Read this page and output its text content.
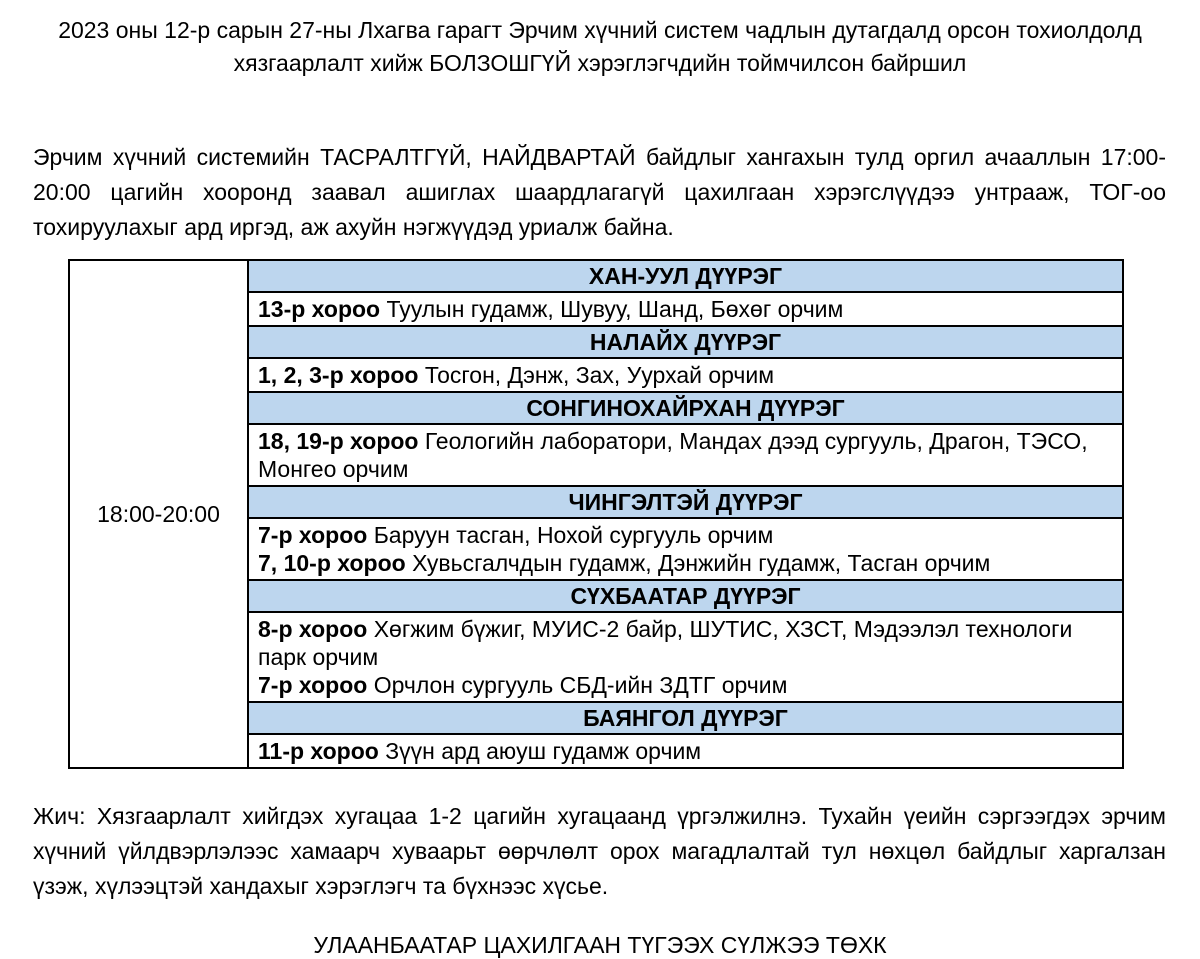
2023 оны 12-р сарын 27-ны Лхагва гарагт Эрчим хүчний систем чадлын дутагдалд орсон тохиолдолд хязгаарлалт хийж БОЛЗОШГҮЙ хэрэглэгчдийн тоймчилсон байршил

Эрчим хүчний системийн ТАСРАЛТГҮЙ, НАЙДВАРТАЙ байдлыг хангахын тулд оргил ачааллын 17:00-20:00 цагийн хооронд заавал ашиглах шаардлагагүй цахилгаан хэрэгслүүдээ унтрааж, ТОГ-оо тохируулахыг ард иргэд, аж ахуйн нэгжүүдэд уриалж байна.

18:00-20:00	ХАН-УУЛ ДҮҮРЭГ

13-р хороо Туулын гудамж, Шувуу, Шанд, Бөхөг орчим

НАЛАЙХ ДҮҮРЭГ

1, 2, 3-р хороо Тосгон, Дэнж, Зах, Уурхай орчим

СОНГИНОХАЙРХАН ДҮҮРЭГ

18, 19-р хороо Геологийн лаборатори, Мандах дээд сургууль, Драгон, ТЭСО, Монгео орчим

ЧИНГЭЛТЭЙ ДҮҮРЭГ

7-р хороо Баруун тасган, Нохой сургууль орчим
7, 10-р хороо Хувьсгалчдын гудамж, Дэнжийн гудамж, Тасган орчим

СҮХБААТАР ДҮҮРЭГ

8-р хороо Хөгжим бүжиг, МУИС-2 байр, ШУТИС, ХЗСТ, Мэдээлэл технологи парк орчим
7-р хороо Орчлон сургууль СБД-ийн ЗДТГ орчим

БАЯНГОЛ ДҮҮРЭГ

11-р хороо Зүүн ард аюуш гудамж орчим

Жич: Хязгаарлалт хийгдэх хугацаа 1-2 цагийн хугацаанд үргэлжилнэ. Тухайн үеийн сэргээгдэх эрчим хүчний үйлдвэрлэлээс хамаарч хуваарьт өөрчлөлт орох магадлалтай тул нөхцөл байдлыг харгалзан үзэж, хүлээцтэй хандахыг хэрэглэгч та бүхнээс хүсье.

УЛААНБААТАР ЦАХИЛГААН ТҮГЭЭХ СҮЛЖЭЭ ТӨХК
